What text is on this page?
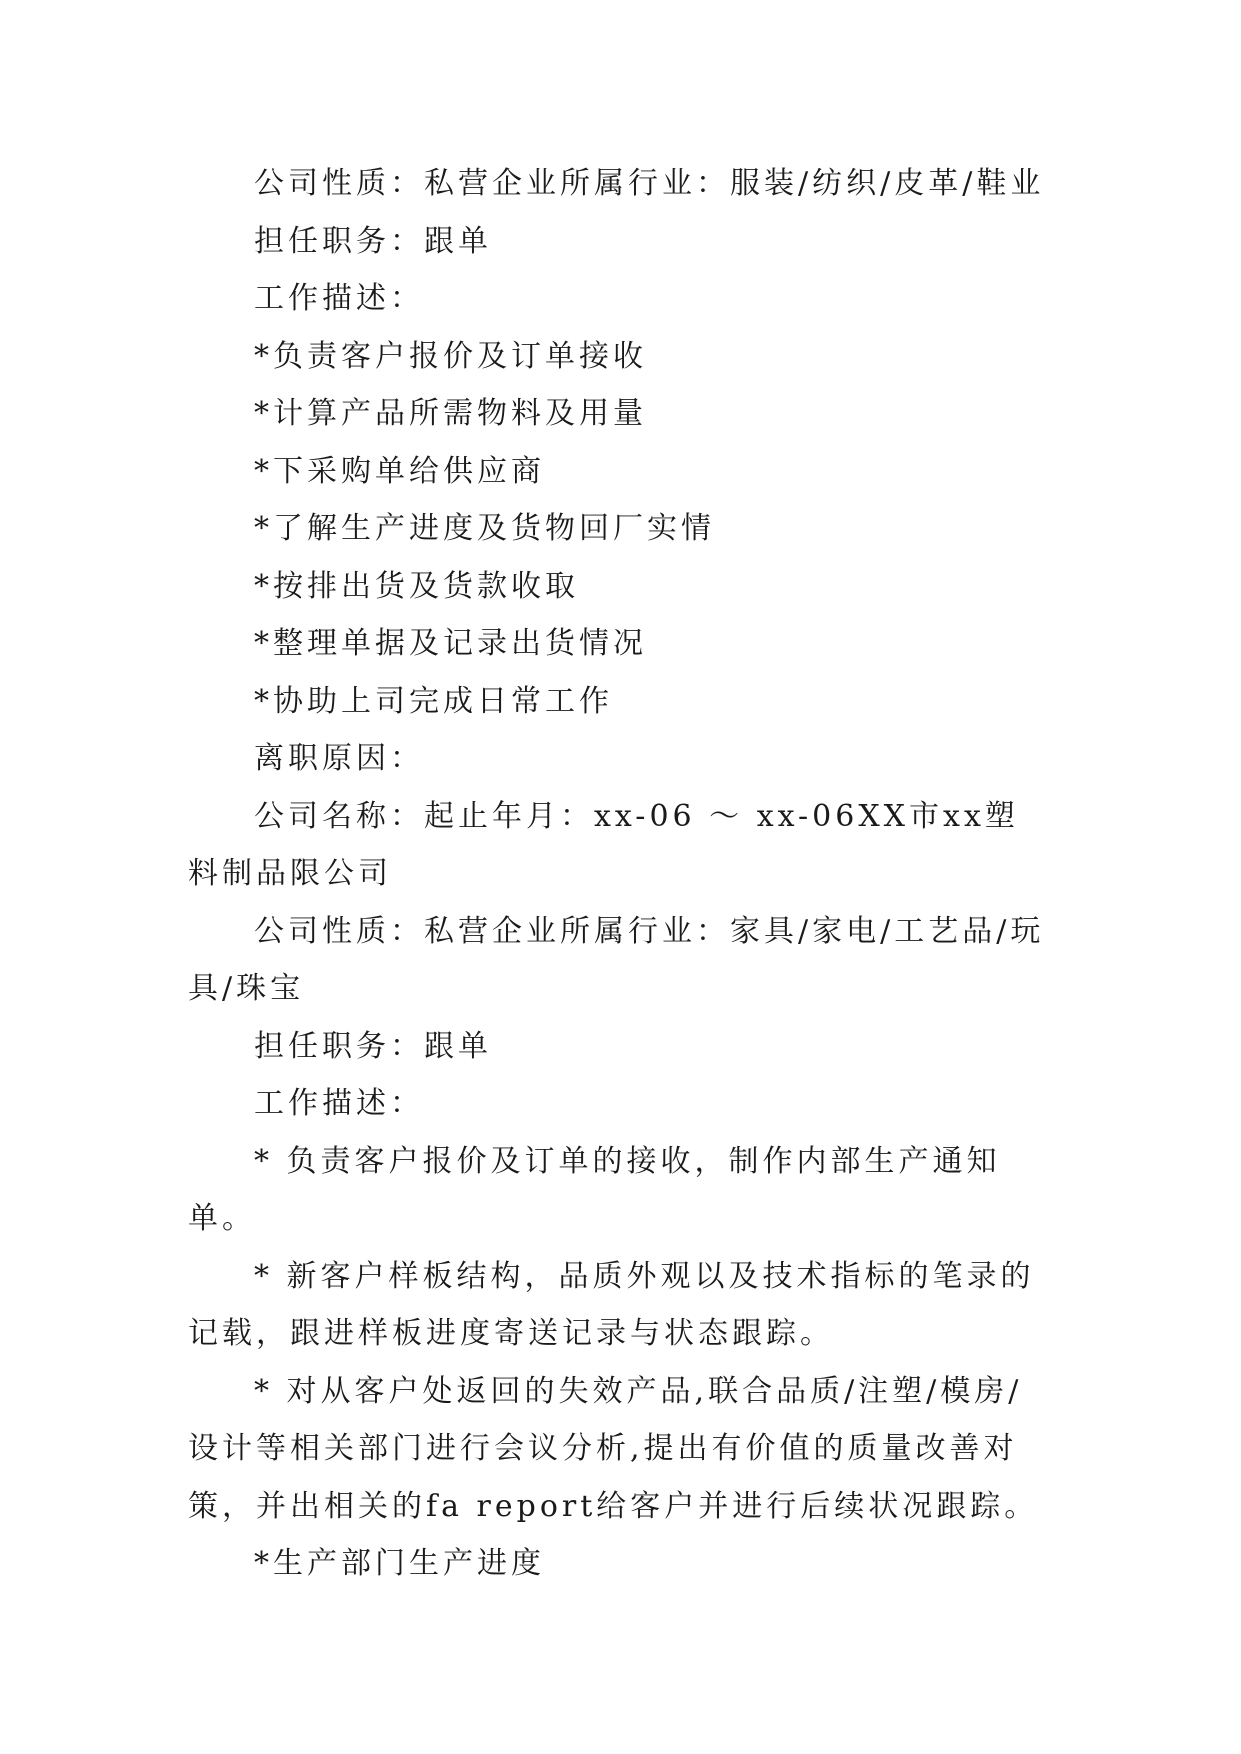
公司性质：私营企业所属行业：服装/纺织/皮革/鞋业

担任职务：跟单

工作描述：

*负责客户报价及订单接收

*计算产品所需物料及用量

*下采购单给供应商

*了解生产进度及货物回厂实情

*按排出货及货款收取

*整理单据及记录出货情况

*协助上司完成日常工作

离职原因：

公司名称：起止年月：xx-06 ～ xx-06XX市xx塑料制品限公司

公司性质：私营企业所属行业：家具/家电/工艺品/玩具/珠宝

担任职务：跟单

工作描述：

* 负责客户报价及订单的接收，制作内部生产通知单。

* 新客户样板结构，品质外观以及技术指标的笔录的记载，跟进样板进度寄送记录与状态跟踪。

* 对从客户处返回的失效产品,联合品质/注塑/模房/设计等相关部门进行会议分析,提出有价值的质量改善对策，并出相关的fa report给客户并进行后续状况跟踪。

*生产部门生产进度
